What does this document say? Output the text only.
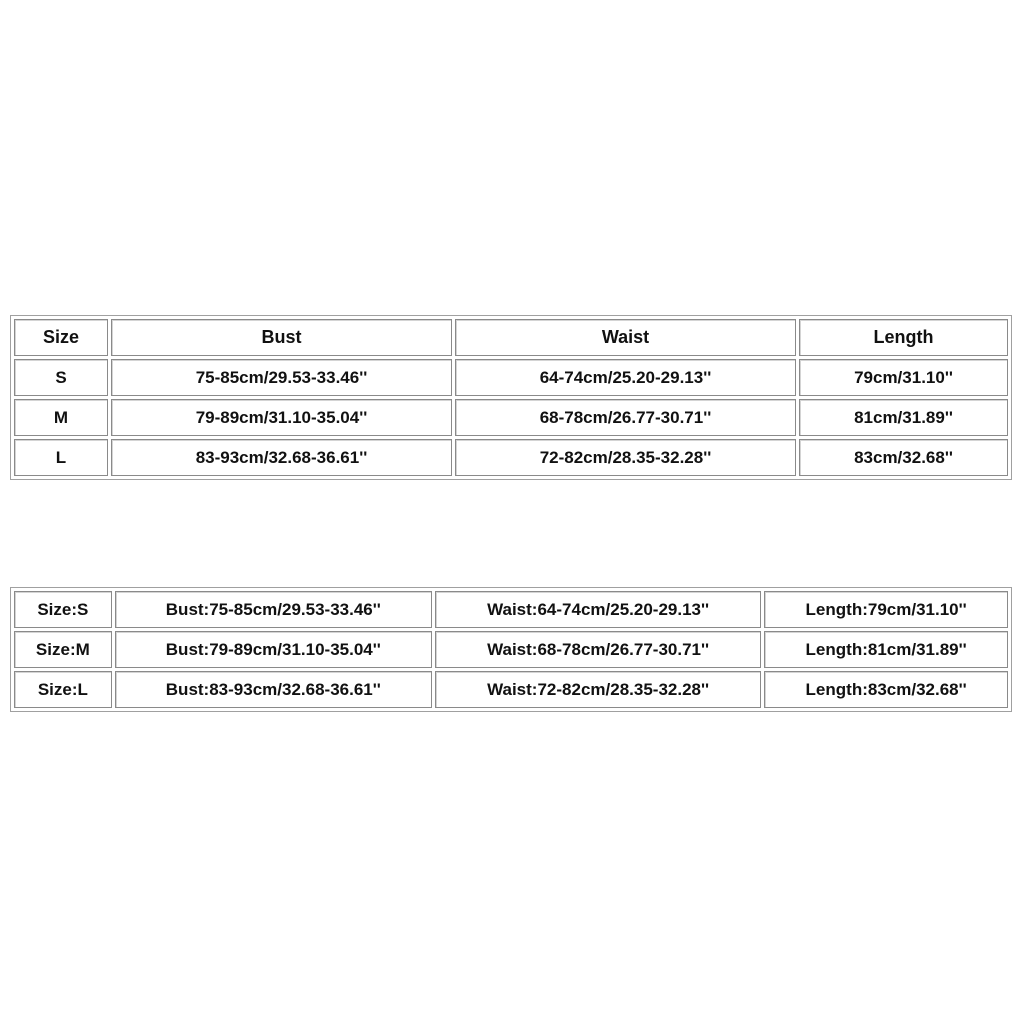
Size	Bust	Waist	Length
S	75-85cm/29.53-33.46''	64-74cm/25.20-29.13''	79cm/31.10''
M	79-89cm/31.10-35.04''	68-78cm/26.77-30.71''	81cm/31.89''
L	83-93cm/32.68-36.61''	72-82cm/28.35-32.28''	83cm/32.68''
Size:S	Bust:75-85cm/29.53-33.46''	Waist:64-74cm/25.20-29.13''	Length:79cm/31.10''
Size:M	Bust:79-89cm/31.10-35.04''	Waist:68-78cm/26.77-30.71''	Length:81cm/31.89''
Size:L	Bust:83-93cm/32.68-36.61''	Waist:72-82cm/28.35-32.28''	Length:83cm/32.68''
